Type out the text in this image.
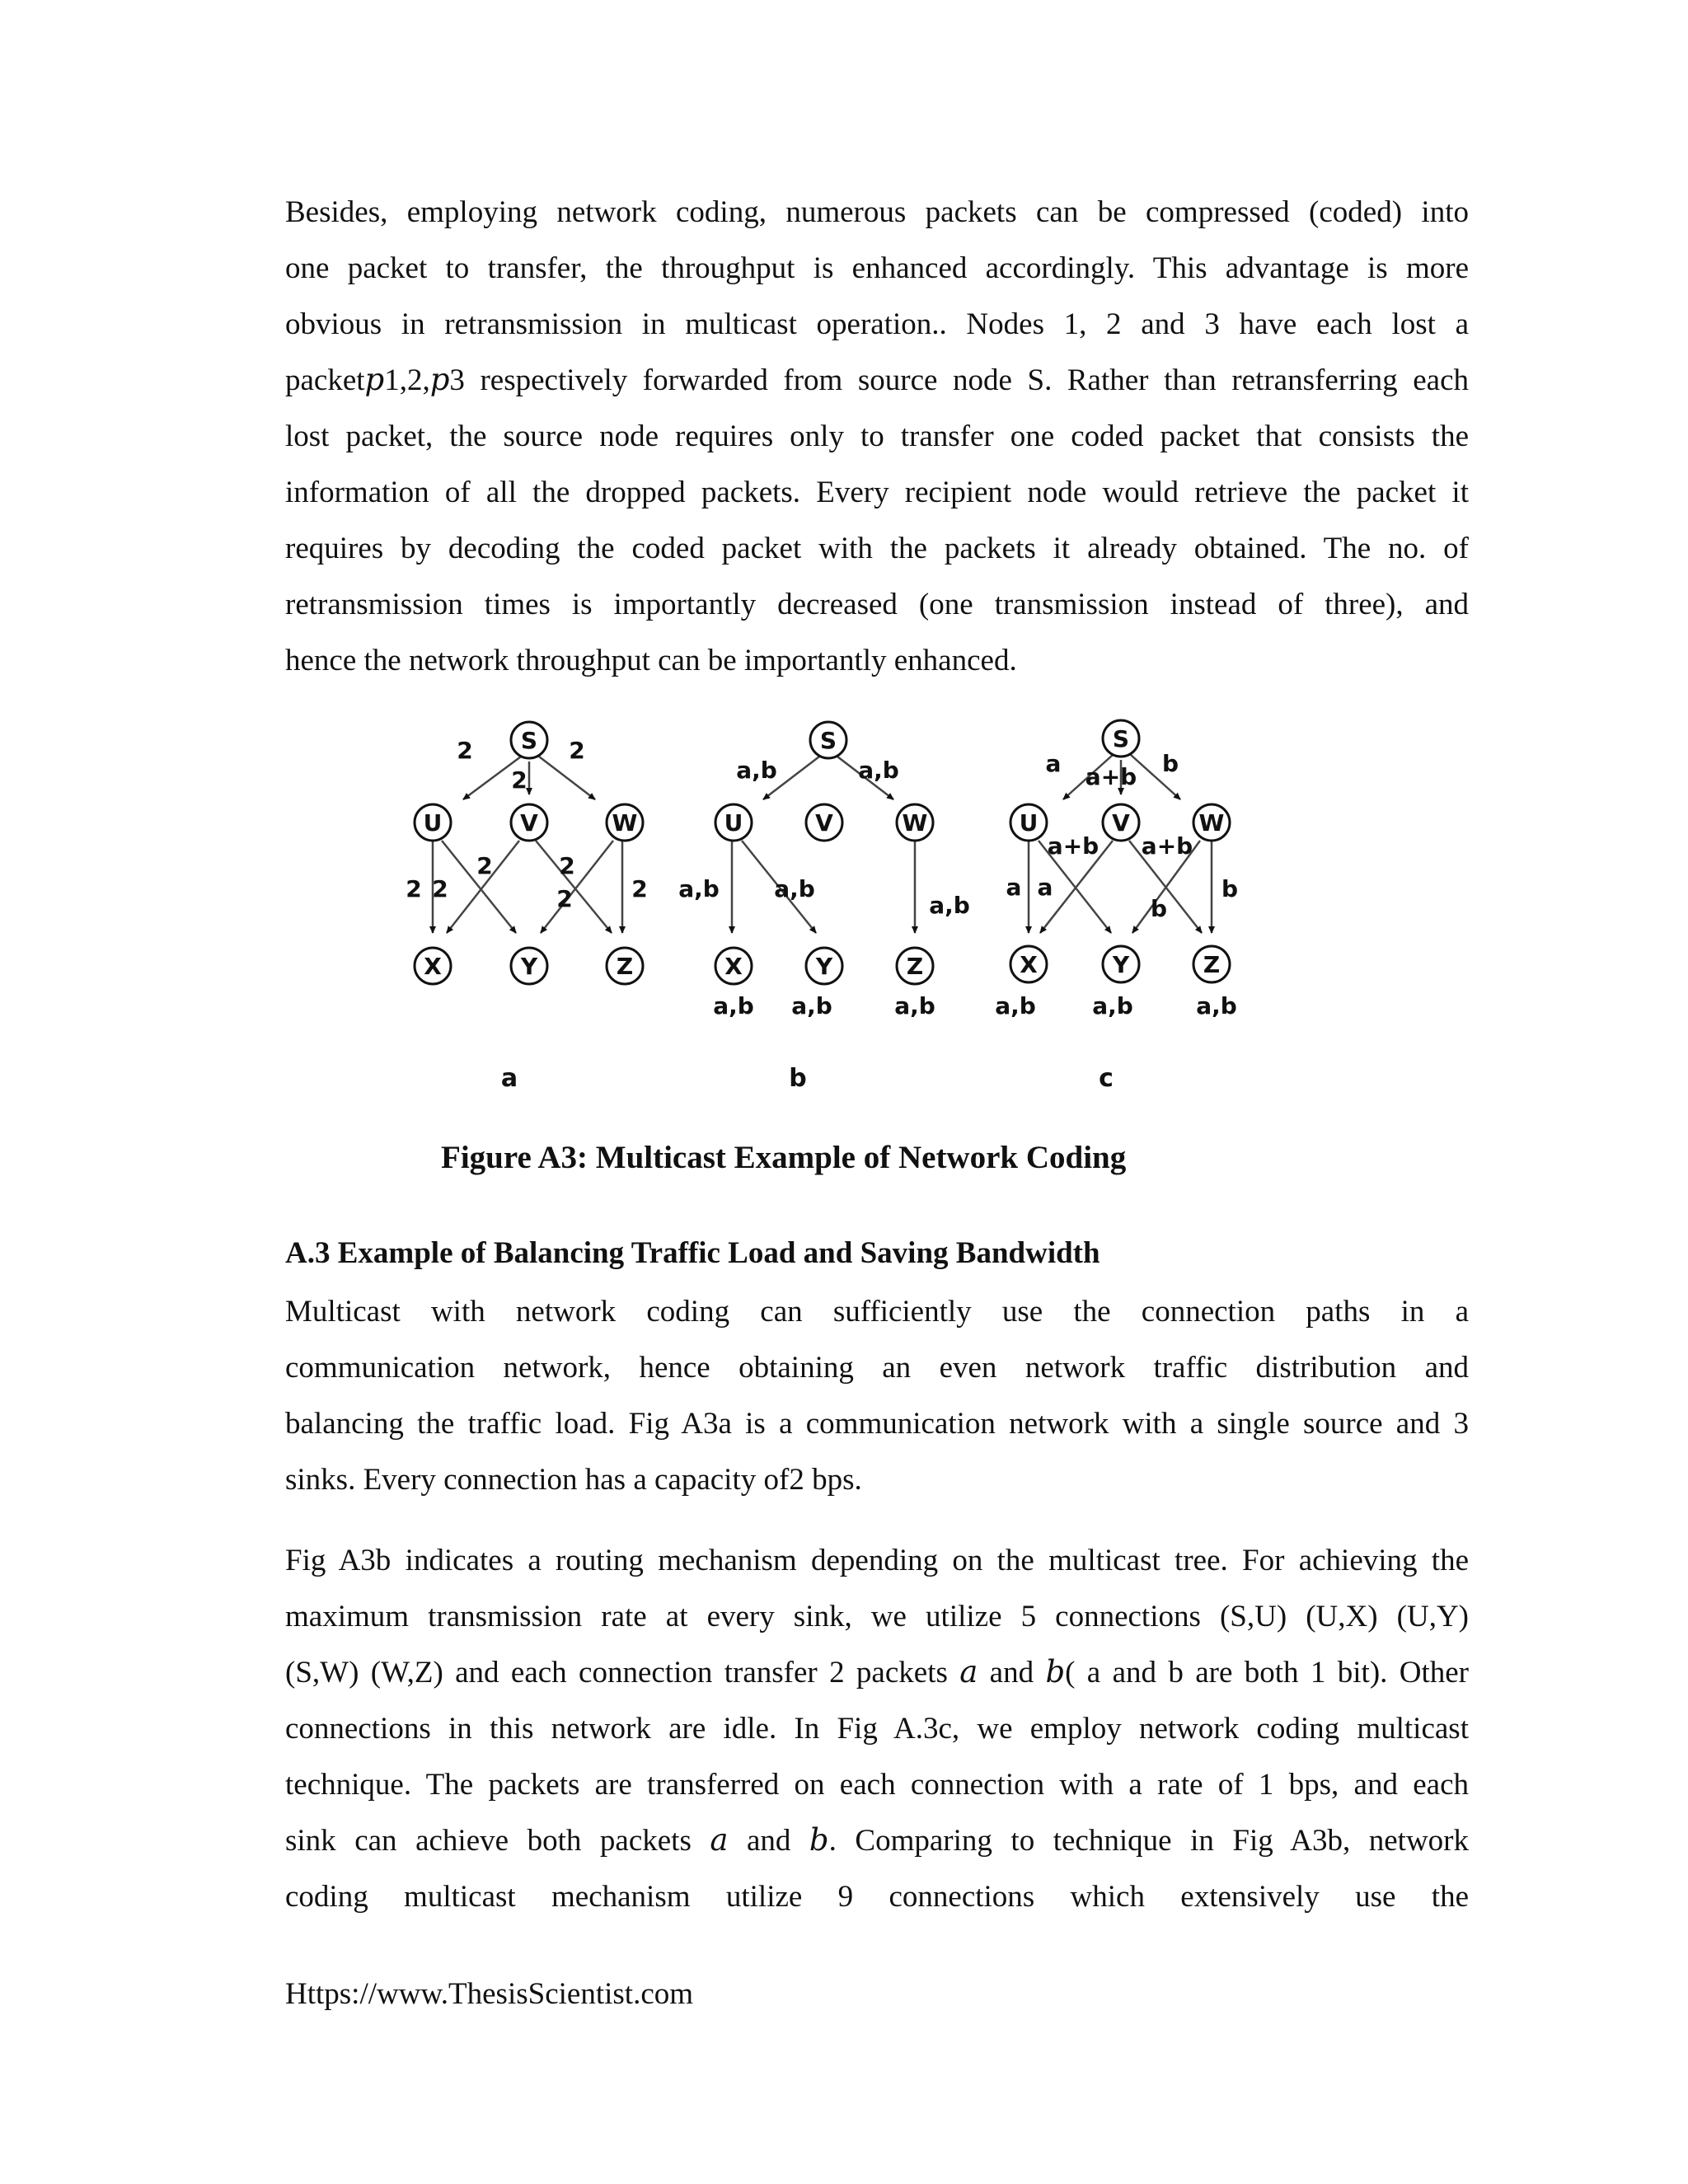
Besides, employing network coding, numerous packets can be compressed (coded) into
one packet to transfer, the throughput is enhanced accordingly. This advantage is more
obvious in retransmission in multicast operation.. Nodes 1, 2 and 3 have each lost a
packet𝑝1,2,𝑝3 respectively forwarded from source node S. Rather than retransferring each
lost packet, the source node requires only to transfer one coded packet that consists the
information of all the dropped packets. Every recipient node would retrieve the packet it
requires by decoding the coded packet with the packets it already obtained. The no. of
retransmission times is importantly decreased (one transmission instead of three), and
hence the network throughput can be importantly enhanced.
S
U	V	W
X	Y	Z
2
2
2
2 2
2	2
2	2
a
S
U	V	W
X	Y	Z
a,b	a,b
a,b a,b
a,b
a,b a,b	a,b
b
S
U	V	W
X	Y	Z
a a+b b
a+b a+b
a a
b
b
a,b a,b	a,b
c

Figure A3: Multicast Example of Network Coding

A.3 Example of Balancing Traffic Load and Saving Bandwidth

Multicast with network coding can sufficiently use the connection paths in a
communication network, hence obtaining an even network traffic distribution and
balancing the traffic load. Fig A3a is a communication network with a single source and 3
sinks. Every connection has a capacity of2 bps.
Fig A3b indicates a routing mechanism depending on the multicast tree. For achieving the
maximum transmission rate at every sink, we utilize 5 connections (S,U) (U,X) (U,Y)
(S,W) (W,Z) and each connection transfer 2 packets 𝑎 and 𝑏( a and b are both 1 bit). Other
connections in this network are idle. In Fig A.3c, we employ network coding multicast
technique. The packets are transferred on each connection with a rate of 1 bps, and each
sink can achieve both packets 𝑎 and 𝑏. Comparing to technique in Fig A3b, network
coding multicast mechanism utilize 9 connections which extensively use the

Https://www.ThesisScientist.com
